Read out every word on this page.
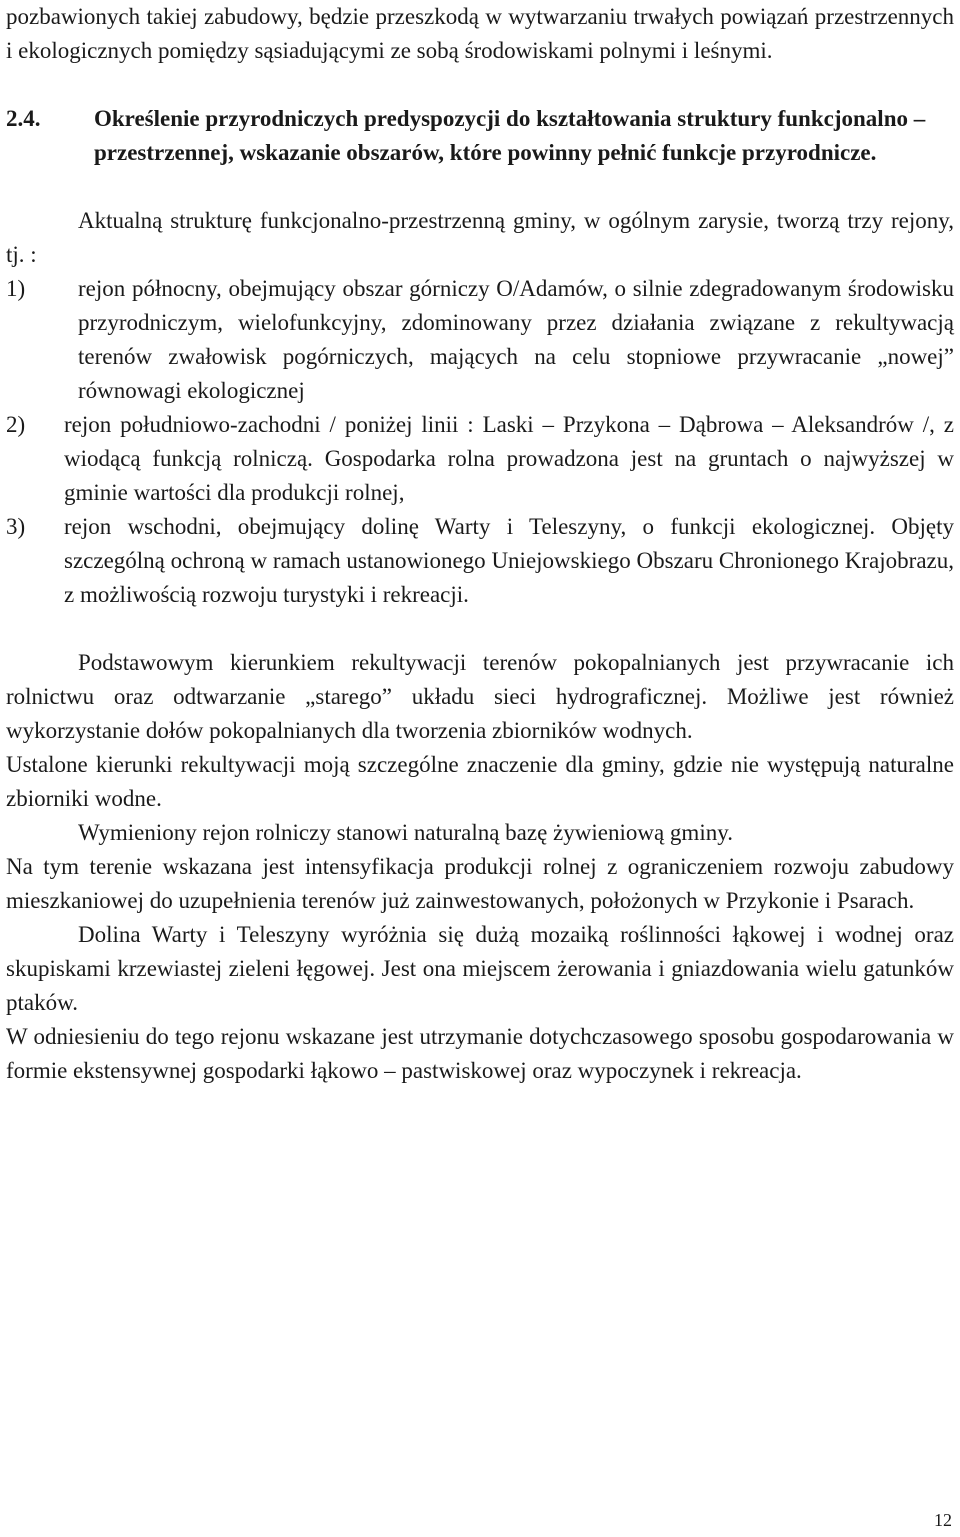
pozbawionych takiej zabudowy, będzie przeszkodą w wytwarzaniu trwałych powiązań przestrzennych i ekologicznych pomiędzy sąsiadującymi ze sobą środowiskami polnymi i leśnymi.

2.4. Określenie przyrodniczych predyspozycji do kształtowania struktury funkcjonalno – przestrzennej, wskazanie obszarów, które powinny pełnić funkcje przyrodnicze.

Aktualną strukturę funkcjonalno-przestrzenną gminy, w ogólnym zarysie, tworzą trzy rejony, tj. :

1) rejon północny, obejmujący obszar górniczy O/Adamów, o silnie zdegradowanym środowisku przyrodniczym, wielofunkcyjny, zdominowany przez działania związane z rekultywacją terenów zwałowisk pogórniczych, mających na celu stopniowe przywracanie „nowej” równowagi ekologicznej
2) rejon południowo-zachodni / poniżej linii : Laski – Przykona – Dąbrowa – Aleksandrów /, z wiodącą funkcją rolniczą. Gospodarka rolna prowadzona jest na gruntach o najwyższej w gminie wartości dla produkcji rolnej,
3) rejon wschodni, obejmujący dolinę Warty i Teleszyny, o funkcji ekologicznej. Objęty szczególną ochroną w ramach ustanowionego Uniejowskiego Obszaru Chronionego Krajobrazu, z możliwością rozwoju turystyki i rekreacji.

Podstawowym kierunkiem rekultywacji terenów pokopalnianych jest przywracanie ich rolnictwu oraz odtwarzanie „starego” układu sieci hydrograficznej. Możliwe jest również wykorzystanie dołów pokopalnianych dla tworzenia zbiorników wodnych.

Ustalone kierunki rekultywacji moją szczególne znaczenie dla gminy, gdzie nie występują naturalne zbiorniki wodne.

Wymieniony rejon rolniczy stanowi naturalną bazę żywieniową gminy.

Na tym terenie wskazana jest intensyfikacja produkcji rolnej z ograniczeniem rozwoju zabudowy mieszkaniowej do uzupełnienia terenów już zainwestowanych, położonych w Przykonie i Psarach.

Dolina Warty i Teleszyny wyróżnia się dużą mozaiką roślinności łąkowej i wodnej oraz skupiskami krzewiastej zieleni łęgowej. Jest ona miejscem żerowania i gniazdowania wielu gatunków ptaków.

W odniesieniu do tego rejonu wskazane jest utrzymanie dotychczasowego sposobu gospodarowania w formie ekstensywnej gospodarki łąkowo – pastwiskowej oraz wypoczynek i rekreacja.

12
